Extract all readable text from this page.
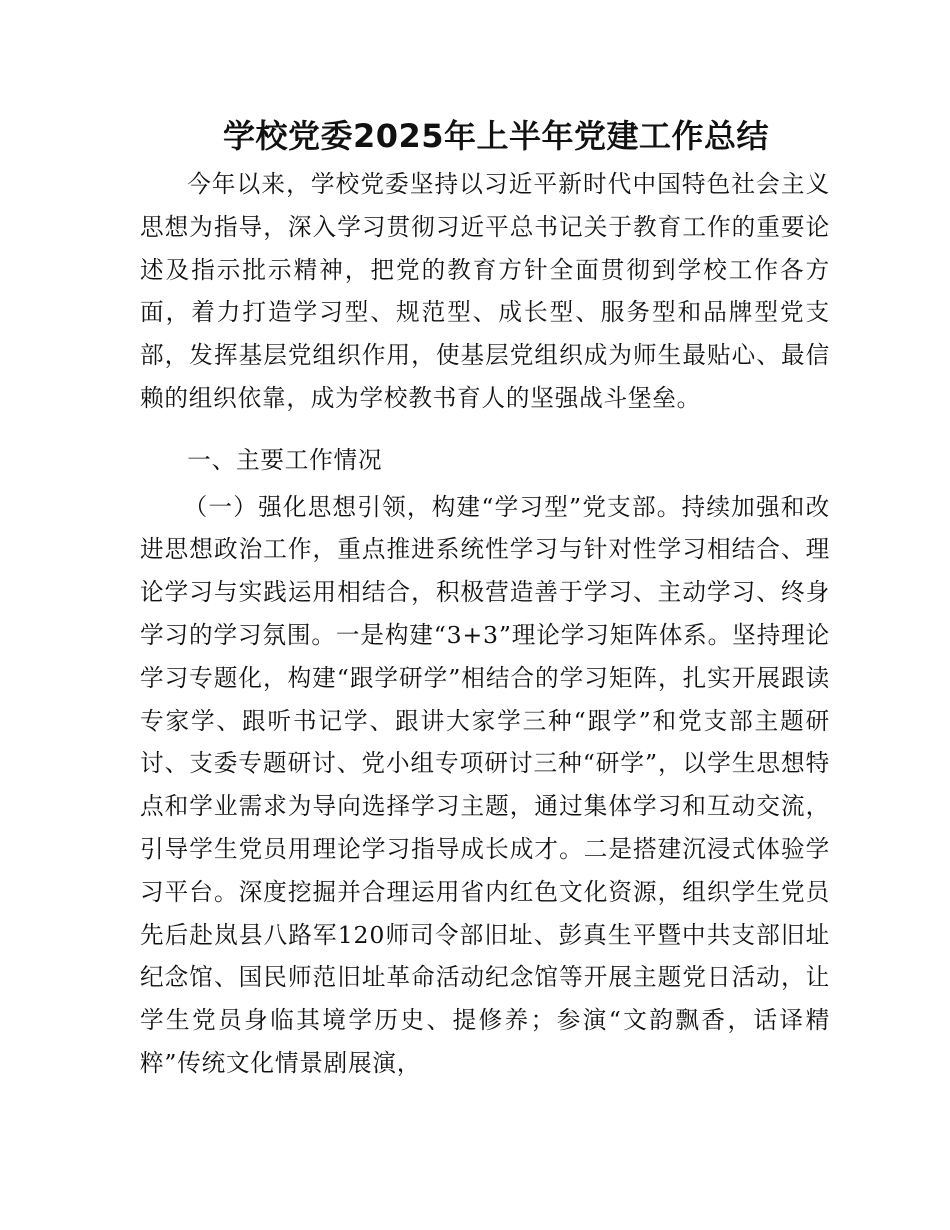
学校党委2025年上半年党建工作总结

今年以来，学校党委坚持以习近平新时代中国特色社会主义思想为指导，深入学习贯彻习近平总书记关于教育工作的重要论述及指示批示精神，把党的教育方针全面贯彻到学校工作各方面，着力打造学习型、规范型、成长型、服务型和品牌型党支部，发挥基层党组织作用，使基层党组织成为师生最贴心、最信赖的组织依靠，成为学校教书育人的坚强战斗堡垒。

一、主要工作情况

（一）强化思想引领，构建“学习型”党支部。持续加强和改进思想政治工作，重点推进系统性学习与针对性学习相结合、理论学习与实践运用相结合，积极营造善于学习、主动学习、终身学习的学习氛围。一是构建“3+3”理论学习矩阵体系。坚持理论学习专题化，构建“跟学研学”相结合的学习矩阵，扎实开展跟读专家学、跟听书记学、跟讲大家学三种“跟学”和党支部主题研讨、支委专题研讨、党小组专项研讨三种“研学”，以学生思想特点和学业需求为导向选择学习主题，通过集体学习和互动交流，引导学生党员用理论学习指导成长成才。二是搭建沉浸式体验学习平台。深度挖掘并合理运用省内红色文化资源，组织学生党员先后赴岚县八路军120师司令部旧址、彭真生平暨中共支部旧址纪念馆、国民师范旧址革命活动纪念馆等开展主题党日活动，让学生党员身临其境学历史、提修养；参演“文韵飘香，话译精粹”传统文化情景剧展演，
